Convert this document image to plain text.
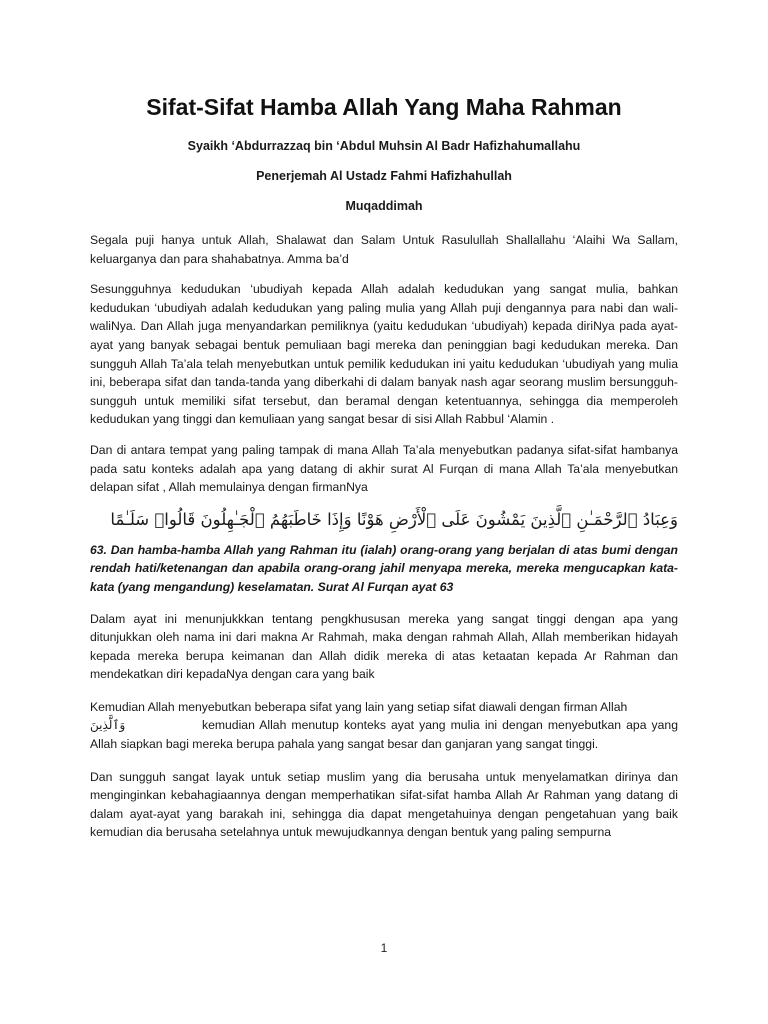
Sifat-Sifat Hamba Allah Yang Maha Rahman

Syaikh ‘Abdurrazzaq bin ‘Abdul Muhsin Al Badr Hafizhahumallahu

Penerjemah Al Ustadz Fahmi Hafizhahullah

Muqaddimah

Segala puji hanya untuk Allah, Shalawat dan Salam Untuk Rasulullah Shallallahu ‘Alaihi Wa Sallam, keluarganya dan para shahabatnya. Amma ba’d

Sesungguhnya kedudukan ‘ubudiyah kepada Allah adalah kedudukan yang sangat mulia, bahkan kedudukan ‘ubudiyah adalah kedudukan yang paling mulia yang Allah puji dengannya para nabi dan wali-waliNya. Dan Allah juga menyandarkan pemiliknya (yaitu kedudukan ‘ubudiyah) kepada diriNya pada ayat-ayat yang banyak sebagai bentuk pemuliaan bagi mereka dan peninggian bagi kedudukan mereka. Dan sungguh Allah Ta’ala telah menyebutkan untuk pemilik kedudukan ini yaitu kedudukan ‘ubudiyah yang mulia ini, beberapa sifat dan tanda-tanda yang diberkahi di dalam banyak nash agar seorang muslim bersungguh-sungguh untuk memiliki sifat tersebut, dan beramal dengan ketentuannya, sehingga dia memperoleh kedudukan yang tinggi dan kemuliaan yang sangat besar di sisi Allah Rabbul ‘Alamin .

Dan di antara tempat yang paling tampak di mana Allah Ta’ala menyebutkan padanya sifat-sifat hambanya pada satu konteks adalah apa yang datang di akhir surat Al Furqan di mana Allah Ta’ala menyebutkan delapan sifat , Allah memulainya dengan firmanNya

وَعِبَادُ ٱلرَّحْمَـٰنِ ٱلَّذِينَ يَمْشُونَ عَلَى ٱلْأَرْضِ هَوْنًا وَإِذَا خَاطَبَهُمُ ٱلْجَـٰهِلُونَ قَالُوا۟ سَلَـٰمًا

63. Dan hamba-hamba Allah yang Rahman itu (ialah) orang-orang yang berjalan di atas bumi dengan rendah hati/ketenangan dan apabila orang-orang jahil menyapa mereka, mereka mengucapkan kata-kata (yang mengandung) keselamatan. Surat Al Furqan ayat 63

Dalam ayat ini menunjukkkan tentang pengkhususan mereka yang sangat tinggi dengan apa yang ditunjukkan oleh nama ini dari makna Ar Rahmah, maka dengan rahmah Allah, Allah memberikan hidayah kepada mereka berupa keimanan dan Allah didik mereka di atas ketaatan kepada Ar Rahman dan mendekatkan diri kepadaNya dengan cara yang baik

Kemudian Allah menyebutkan beberapa sifat yang lain yang setiap sifat diawali dengan firman Allah

وَٱلَّذِينَ	kemudian Allah menutup konteks ayat yang mulia ini dengan menyebutkan apa yang Allah siapkan bagi mereka berupa pahala yang sangat besar dan ganjaran yang sangat tinggi.

Dan sungguh sangat layak untuk setiap muslim yang dia berusaha untuk menyelamatkan dirinya dan menginginkan kebahagiaannya dengan memperhatikan sifat-sifat hamba Allah Ar Rahman yang datang di dalam ayat-ayat yang barakah ini, sehingga dia dapat mengetahuinya dengan pengetahuan yang baik kemudian dia berusaha setelahnya untuk mewujudkannya dengan bentuk yang paling sempurna

1
